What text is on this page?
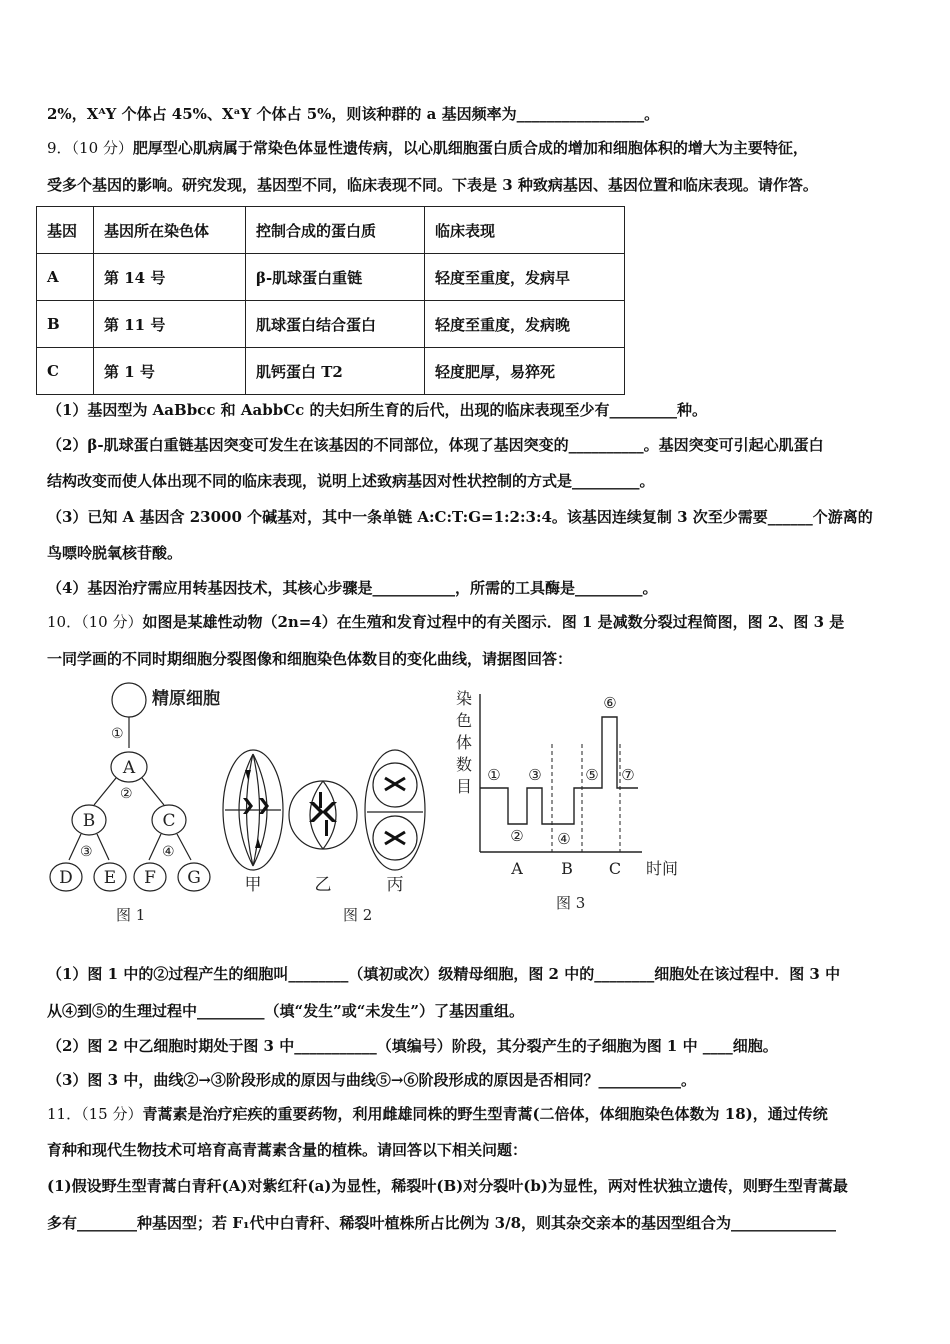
2%，XᴬY 个体占 45%、XᵃY 个体占 5%，则该种群的 a 基因频率为_________________。
9．（10 分）肥厚型心肌病属于常染色体显性遗传病，以心肌细胞蛋白质合成的增加和细胞体积的增大为主要特征，
受多个基因的影响。研究发现，基因型不同，临床表现不同。下表是 3 种致病基因、基因位置和临床表现。请作答。
基因	基因所在染色体	控制合成的蛋白质	临床表现
A	第 14 号	β-肌球蛋白重链	轻度至重度，发病早
B	第 11 号	肌球蛋白结合蛋白	轻度至重度，发病晚
C	第 1 号	肌钙蛋白 T2	轻度肥厚，易猝死
（1）基因型为 AaBbcc 和 AabbCc 的夫妇所生育的后代，出现的临床表现至少有_________种。
（2）β-肌球蛋白重链基因突变可发生在该基因的不同部位，体现了基因突变的__________。基因突变可引起心肌蛋白
结构改变而使人体出现不同的临床表现，说明上述致病基因对性状控制的方式是_________。
（3）已知 A 基因含 23000 个碱基对，其中一条单链 A:C:T:G=1:2:3:4。该基因连续复制 3 次至少需要______个游离的
鸟嘌呤脱氧核苷酸。
（4）基因治疗需应用转基因技术，其核心步骤是___________，所需的工具酶是_________。
10．（10 分）如图是某雄性动物（2n=4）在生殖和发育过程中的有关图示．图 1 是减数分裂过程简图，图 2、图 3 是
一同学画的不同时期细胞分裂图像和细胞染色体数目的变化曲线，请据图回答：
精原细胞
①
②
③	④
A
B	C
D E F G
图 1
甲	乙	丙
图 2
染
色
体
数
目
①
②
③
④
⑤
⑥
⑦
A B C 时间
图 3
（1）图 1 中的②过程产生的细胞叫________（填初或次）级精母细胞，图 2 中的________细胞处在该过程中．图 3 中
从④到⑤的生理过程中_________（填“发生”或“未发生”）了基因重组。
（2）图 2 中乙细胞时期处于图 3 中___________（填编号）阶段，其分裂产生的子细胞为图 1 中 ____细胞。
（3）图 3 中，曲线②→③阶段形成的原因与曲线⑤→⑥阶段形成的原因是否相同？___________。
11．（15 分）青蒿素是治疗疟疾的重要药物，利用雌雄同株的野生型青蒿(二倍体，体细胞染色体数为 18)，通过传统
育种和现代生物技术可培育高青蒿素含量的植株。请回答以下相关问题：
(1)假设野生型青蒿白青秆(A)对紫红秆(a)为显性，稀裂叶(B)对分裂叶(b)为显性，两对性状独立遗传，则野生型青蒿最
多有________种基因型；若 F₁代中白青秆、稀裂叶植株所占比例为 3/8，则其杂交亲本的基因型组合为______________
